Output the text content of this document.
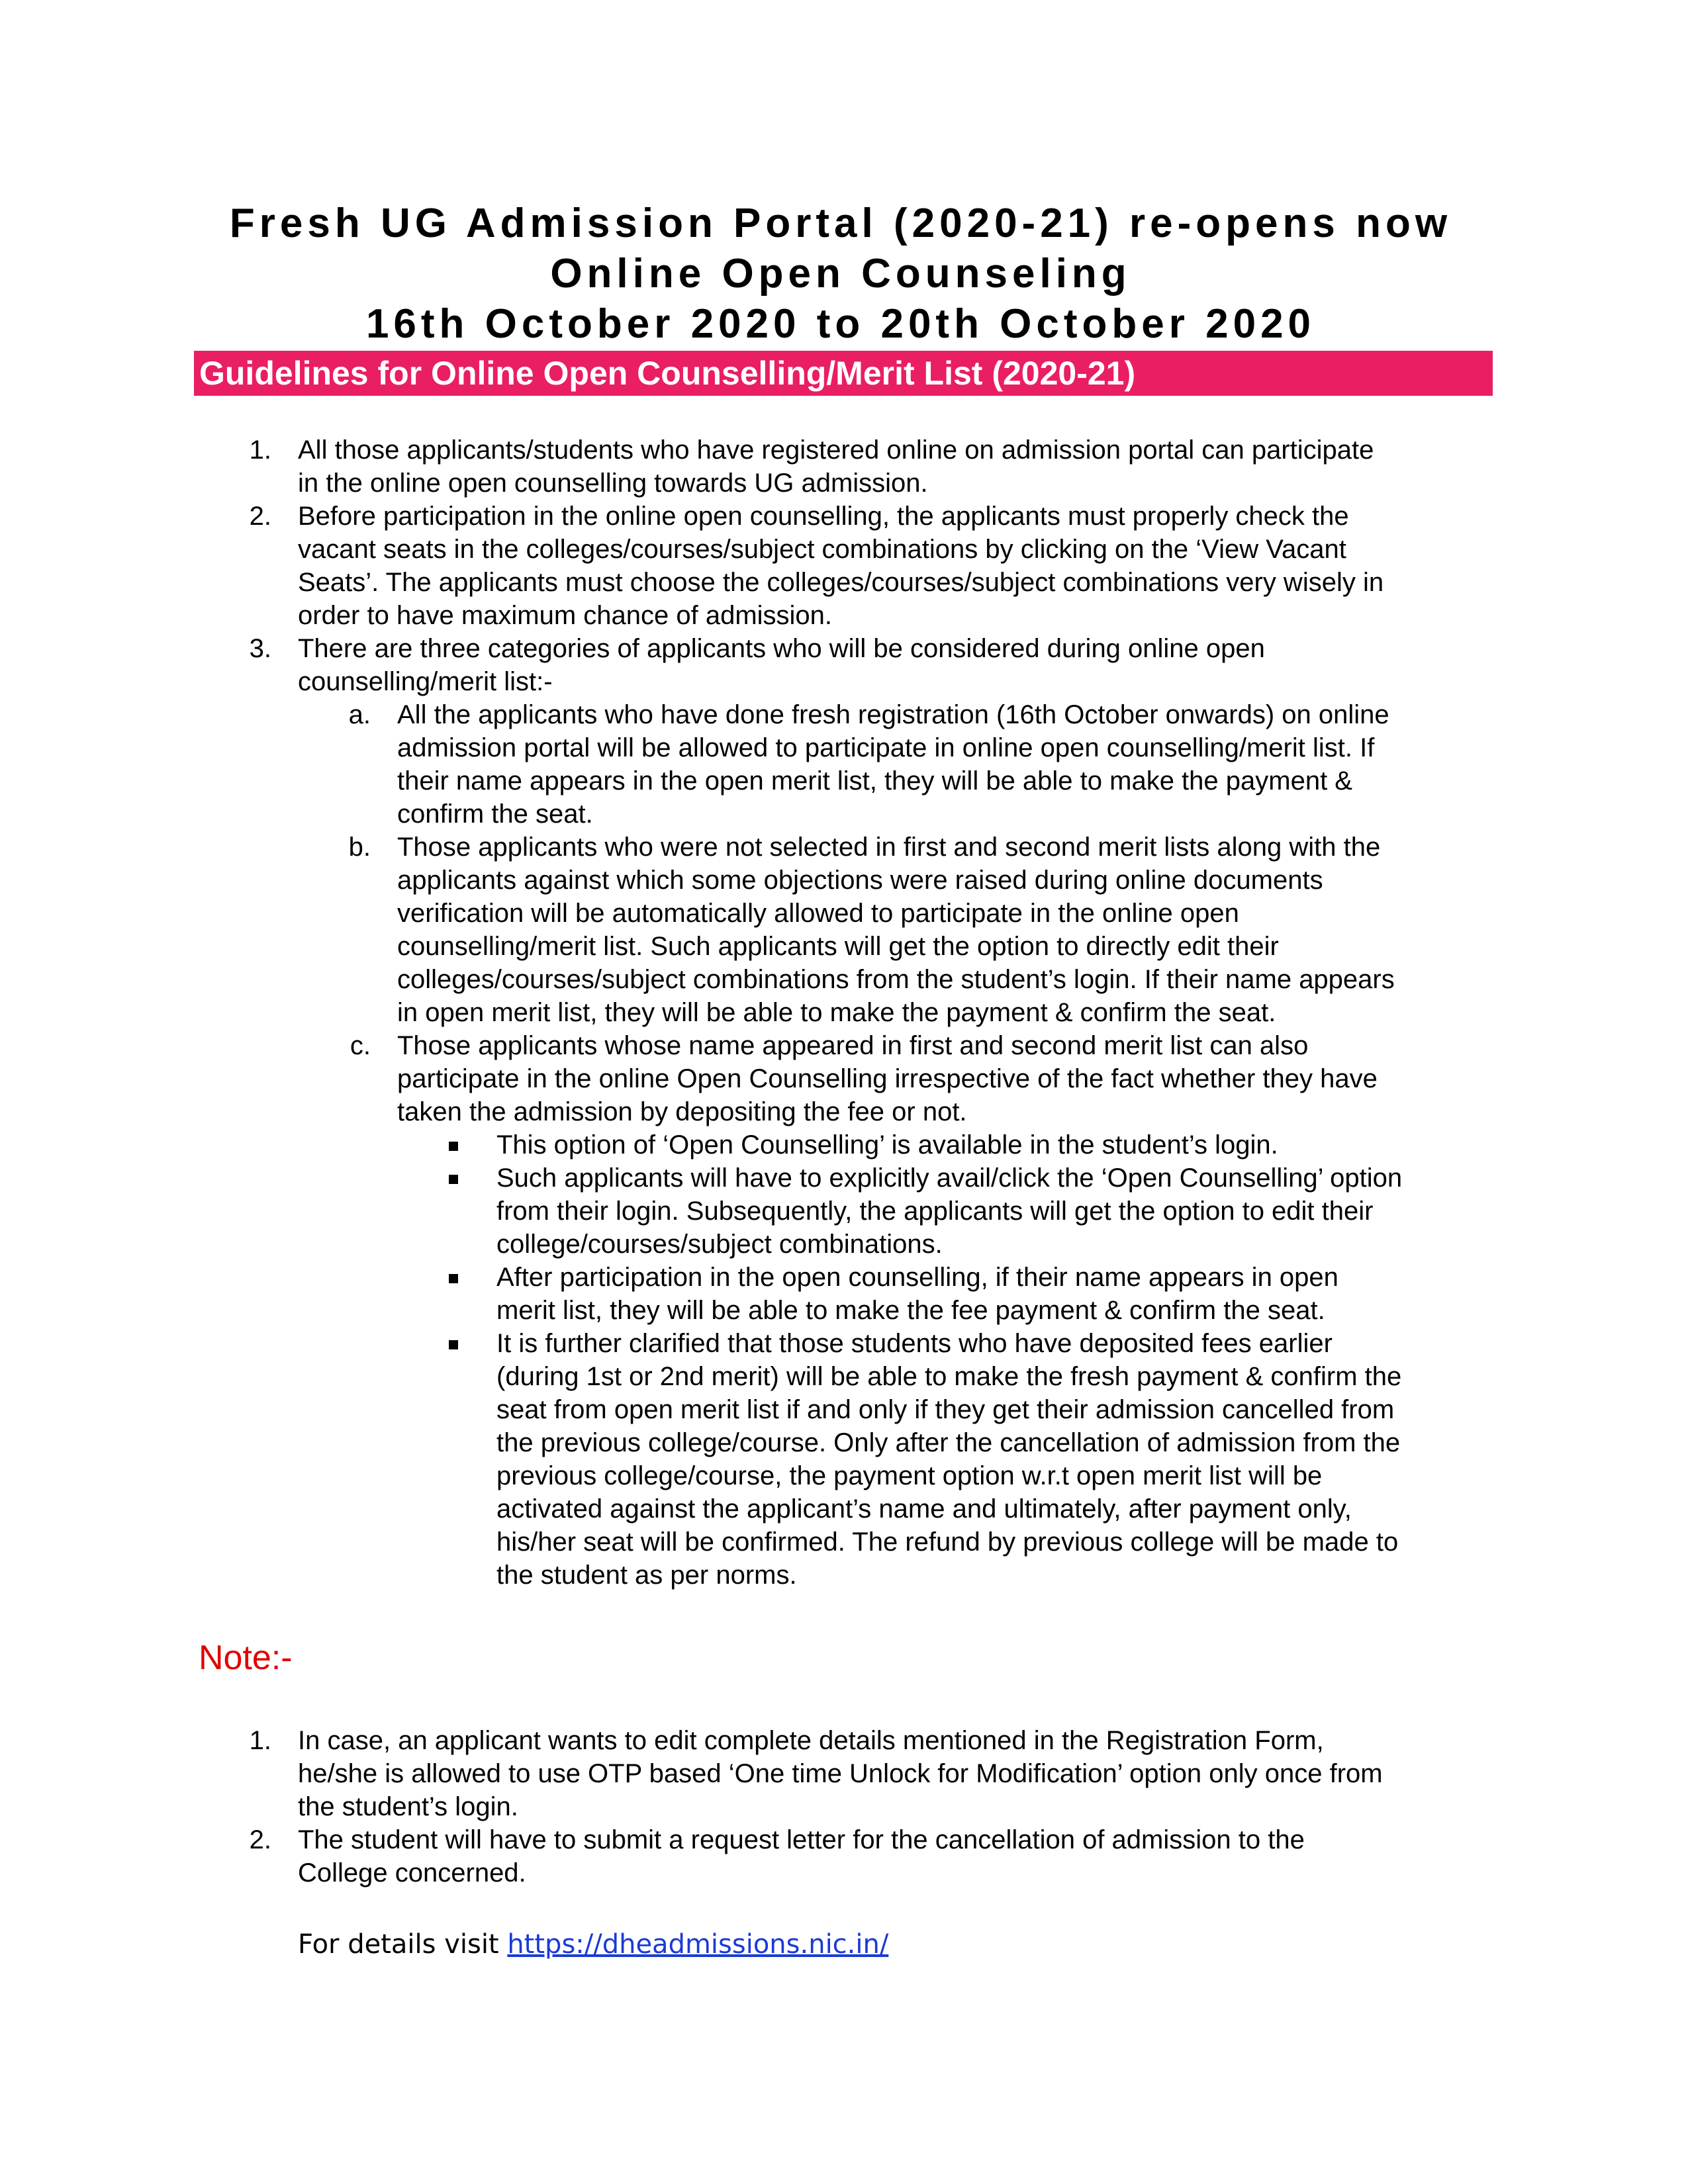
Fresh UG Admission Portal (2020-21) re-opens now
Online Open Counseling
16th October 2020 to 20th October 2020
Guidelines for Online Open Counselling/Merit List (2020-21)
1. All those applicants/students who have registered online on admission portal can participate
in the online open counselling towards UG admission.
2. Before participation in the online open counselling, the applicants must properly check the
vacant seats in the colleges/courses/subject combinations by clicking on the ‘View Vacant
Seats’. The applicants must choose the colleges/courses/subject combinations very wisely in
order to have maximum chance of admission.
3. There are three categories of applicants who will be considered during online open
counselling/merit list:-
a. All the applicants who have done fresh registration (16th October onwards) on online
admission portal will be allowed to participate in online open counselling/merit list. If
their name appears in the open merit list, they will be able to make the payment &
confirm the seat.
b. Those applicants who were not selected in first and second merit lists along with the
applicants against which some objections were raised during online documents
verification will be automatically allowed to participate in the online open
counselling/merit list. Such applicants will get the option to directly edit their
colleges/courses/subject combinations from the student’s login. If their name appears
in open merit list, they will be able to make the payment & confirm the seat.
c. Those applicants whose name appeared in first and second merit list can also
participate in the online Open Counselling irrespective of the fact whether they have
taken the admission by depositing the fee or not.
This option of ‘Open Counselling’ is available in the student’s login.
Such applicants will have to explicitly avail/click the ‘Open Counselling’ option
from their login. Subsequently, the applicants will get the option to edit their
college/courses/subject combinations.
After participation in the open counselling, if their name appears in open
merit list, they will be able to make the fee payment & confirm the seat.
It is further clarified that those students who have deposited fees earlier
(during 1st or 2nd merit) will be able to make the fresh payment & confirm the
seat from open merit list if and only if they get their admission cancelled from
the previous college/course. Only after the cancellation of admission from the
previous college/course, the payment option w.r.t open merit list will be
activated against the applicant’s name and ultimately, after payment only,
his/her seat will be confirmed. The refund by previous college will be made to
the student as per norms.
Note:-
1. In case, an applicant wants to edit complete details mentioned in the Registration Form,
he/she is allowed to use OTP based ‘One time Unlock for Modification’ option only once from
the student’s login.
2. The student will have to submit a request letter for the cancellation of admission to the
College concerned.
For details visit https://dheadmissions.nic.in/
